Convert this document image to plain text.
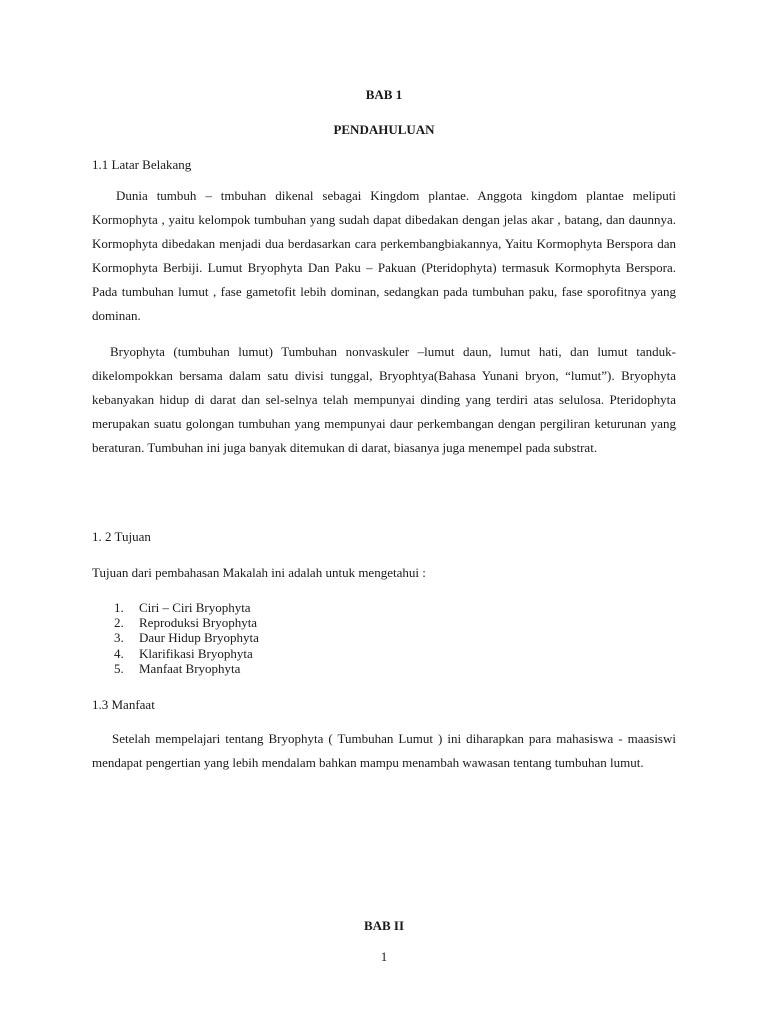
BAB 1
PENDAHULUAN
1.1 Latar Belakang

Dunia tumbuh – tmbuhan dikenal sebagai Kingdom plantae. Anggota kingdom plantae meliputi Kormophyta , yaitu kelompok tumbuhan yang sudah dapat dibedakan dengan jelas akar , batang, dan daunnya. Kormophyta dibedakan menjadi dua berdasarkan cara perkembangbiakannya, Yaitu Kormophyta Berspora dan Kormophyta Berbiji. Lumut Bryophyta Dan Paku – Pakuan (Pteridophyta) termasuk Kormophyta Berspora. Pada tumbuhan lumut , fase gametofit lebih dominan, sedangkan pada tumbuhan paku, fase sporofitnya yang dominan.

Bryophyta (tumbuhan lumut) Tumbuhan nonvaskuler –lumut daun, lumut hati, dan lumut tanduk- dikelompokkan bersama dalam satu divisi tunggal, Bryophtya(Bahasa Yunani bryon, “lumut”). Bryophyta kebanyakan hidup di darat dan sel-selnya telah mempunyai dinding yang terdiri atas selulosa. Pteridophyta merupakan suatu golongan tumbuhan yang mempunyai daur perkembangan dengan pergiliran keturunan yang beraturan. Tumbuhan ini juga banyak ditemukan di darat, biasanya juga menempel pada substrat.

1. 2 Tujuan
Tujuan dari pembahasan Makalah ini adalah untuk mengetahui :
1.	Ciri – Ciri Bryophyta
2.	Reproduksi Bryophyta
3.	Daur Hidup Bryophyta
4.	Klarifikasi Bryophyta
5.	Manfaat Bryophyta
1.3 Manfaat

Setelah mempelajari tentang Bryophyta ( Tumbuhan Lumut ) ini diharapkan para mahasiswa - maasiswi mendapat pengertian yang lebih mendalam bahkan mampu menambah wawasan tentang tumbuhan lumut.

BAB II
1
